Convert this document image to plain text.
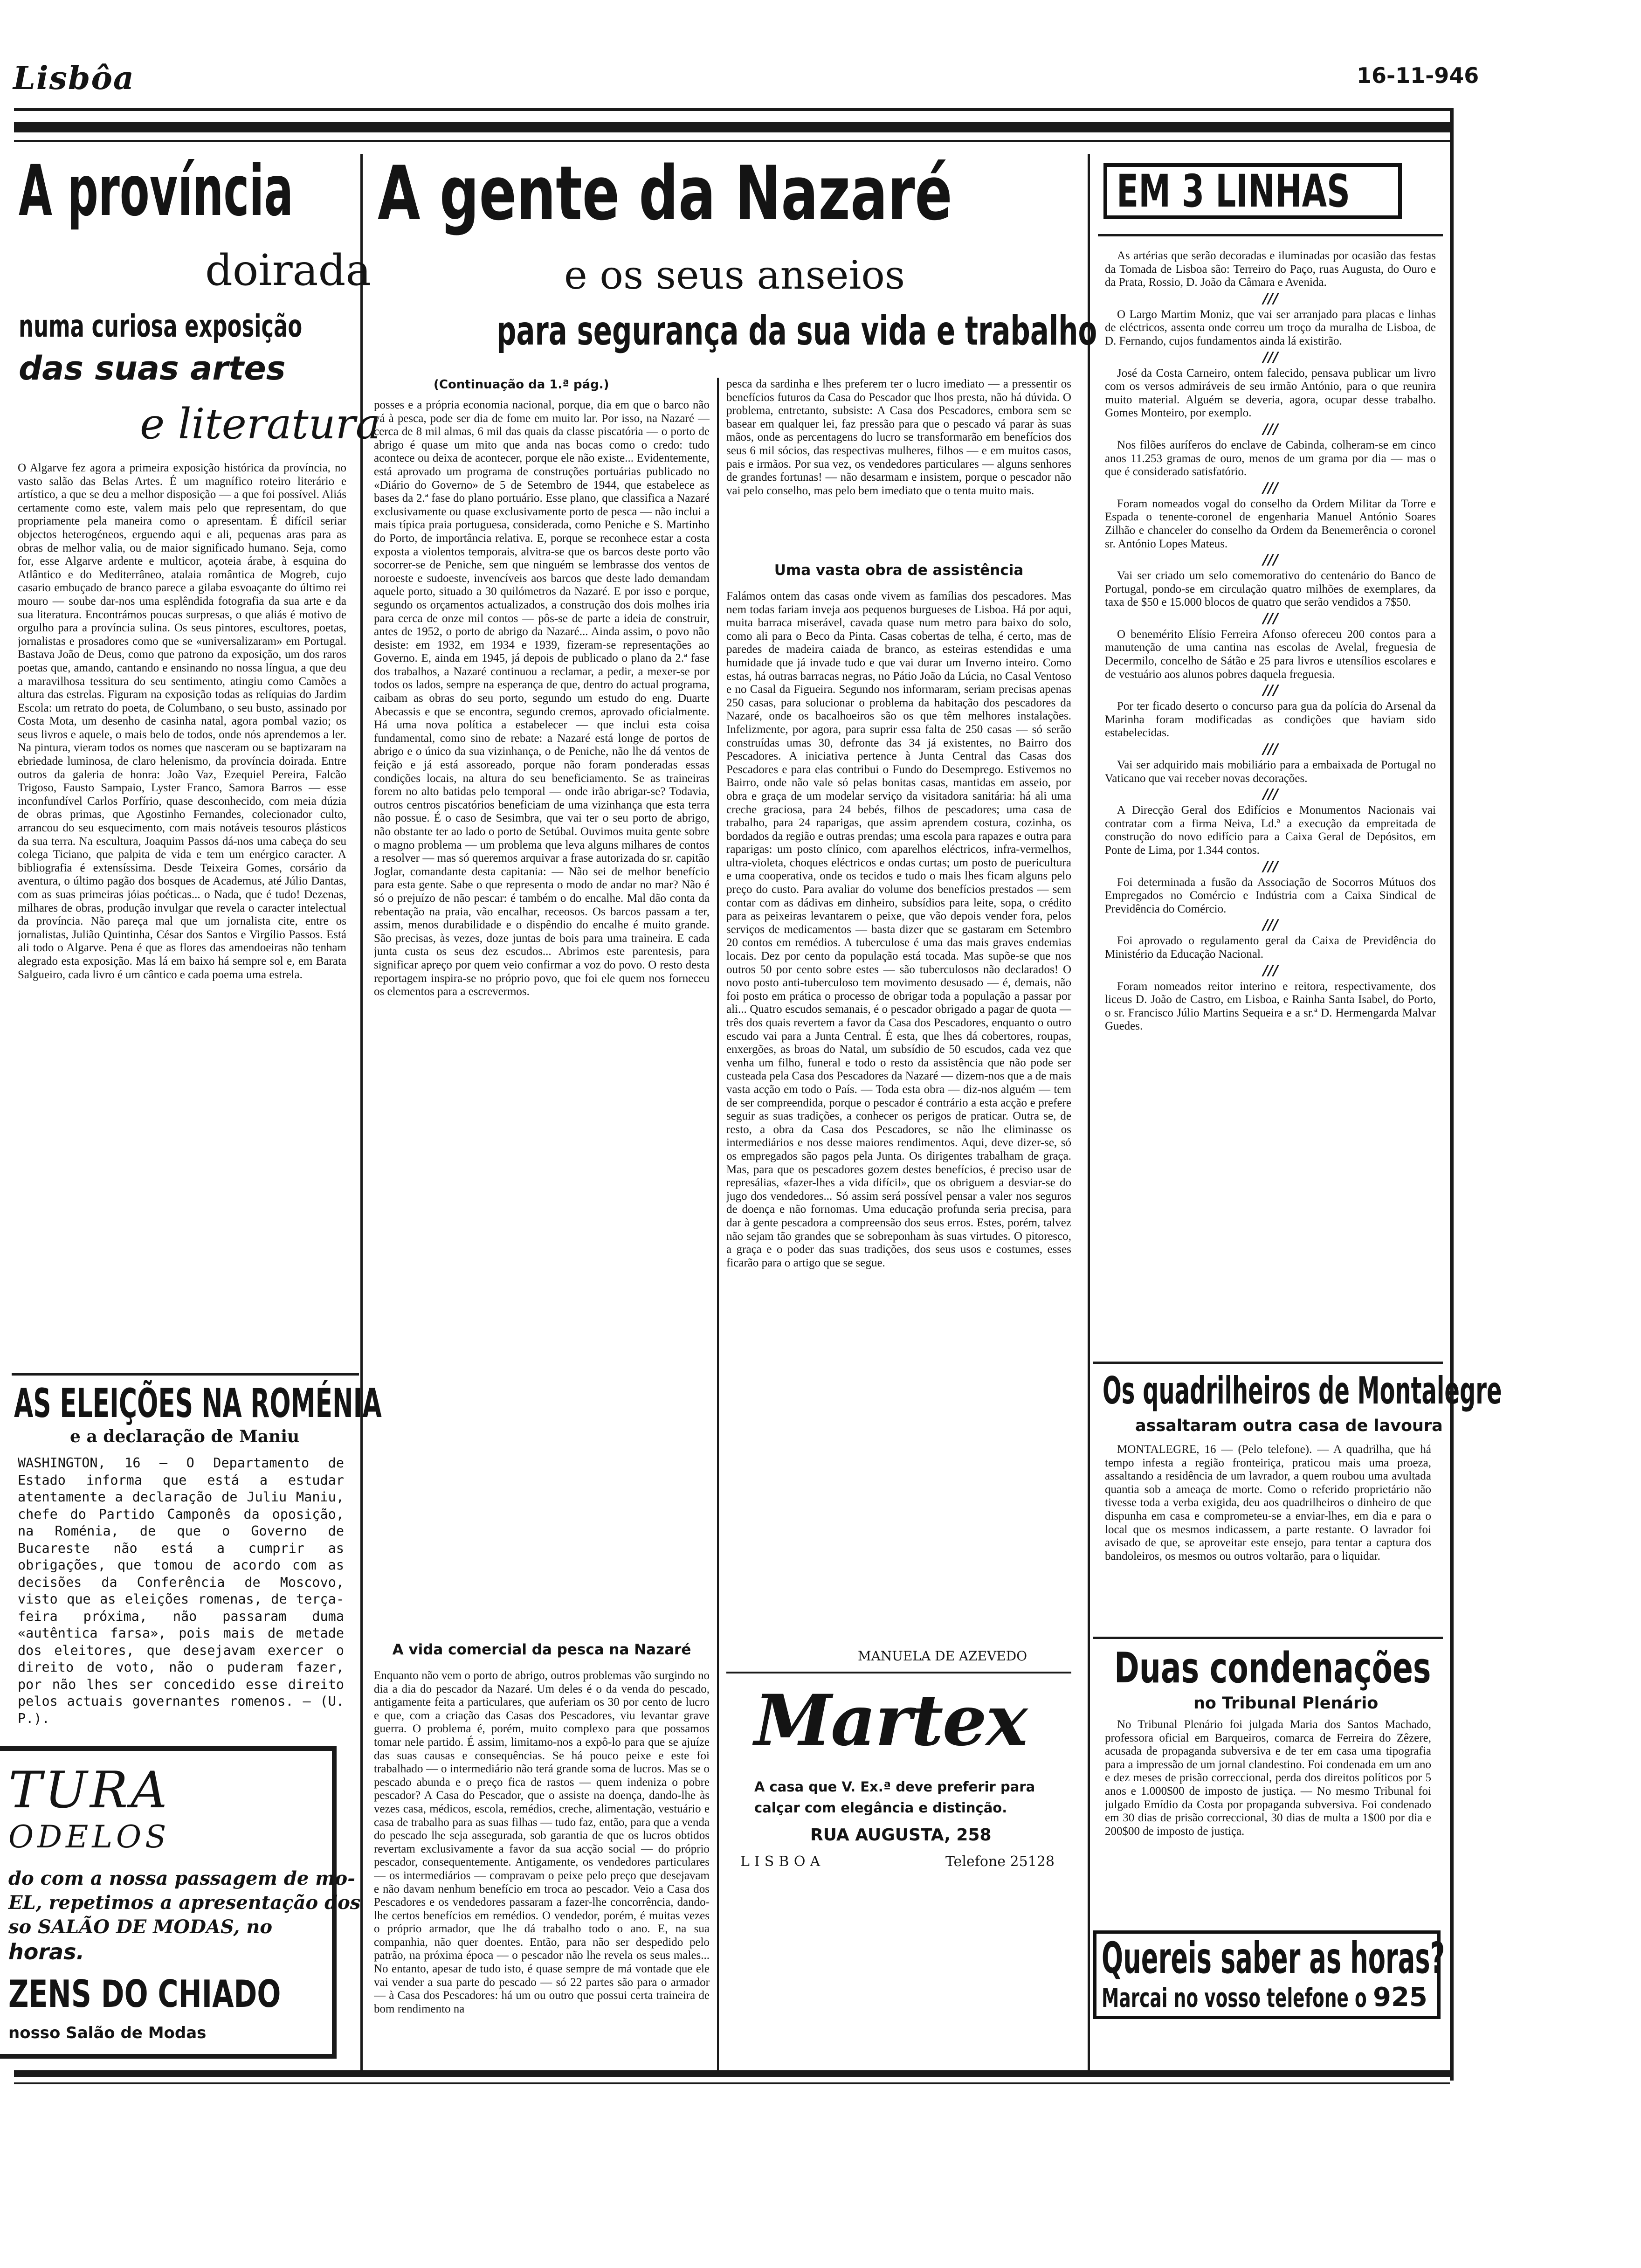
Lisbôa	16-11-946
A província
doirada
numa curiosa exposição
das suas artes
e literatura
O Algarve fez agora a primeira exposição histórica da província, no vasto salão das Belas Artes. É um magnífico roteiro literário e artístico, a que se deu a melhor disposição — a que foi possível. Aliás certamente como este, valem mais pelo que representam, do que propriamente pela maneira como o apresentam. É difícil seriar objectos heterogéneos, erguendo aqui e ali, pequenas aras para as obras de melhor valia, ou de maior significado humano. Seja, como for, esse Algarve ardente e multicor, açoteia árabe, à esquina do Atlântico e do Mediterrâneo, atalaia romântica de Mogreb, cujo casario embuçado de branco parece a gilaba esvoaçante do último rei mouro — soube dar-nos uma esplêndida fotografia da sua arte e da sua literatura. Encontrámos poucas surpresas, o que aliás é motivo de orgulho para a província sulina. Os seus pintores, escultores, poetas, jornalistas e prosadores como que se «universalizaram» em Portugal. Bastava João de Deus, como que patrono da exposição, um dos raros poetas que, amando, cantando e ensinando no nossa língua, a que deu a maravilhosa tessitura do seu sentimento, atingiu como Camões a altura das estrelas. Figuram na exposição todas as relíquias do Jardim Escola: um retrato do poeta, de Columbano, o seu busto, assinado por Costa Mota, um desenho de casinha natal, agora pombal vazio; os seus livros e aquele, o mais belo de todos, onde nós aprendemos a ler. Na pintura, vieram todos os nomes que nasceram ou se baptizaram na ebriedade luminosa, de claro helenismo, da província doirada. Entre outros da galeria de honra: João Vaz, Ezequiel Pereira, Falcão Trigoso, Fausto Sampaio, Lyster Franco, Samora Barros — esse inconfundível Carlos Porfírio, quase desconhecido, com meia dúzia de obras primas, que Agostinho Fernandes, colecionador culto, arrancou do seu esquecimento, com mais notáveis tesouros plásticos da sua terra. Na escultura, Joaquim Passos dá-nos uma cabeça do seu colega Ticiano, que palpita de vida e tem um enérgico caracter. A bibliografia é extensíssima. Desde Teixeira Gomes, corsário da aventura, o último pagão dos bosques de Academus, até Júlio Dantas, com as suas primeiras jóias poéticas... o Nada, que é tudo! Dezenas, milhares de obras, produção invulgar que revela o caracter intelectual da província. Não pareça mal que um jornalista cite, entre os jornalistas, Julião Quintinha, César dos Santos e Virgílio Passos. Está ali todo o Algarve. Pena é que as flores das amendoeiras não tenham alegrado esta exposição. Mas lá em baixo há sempre sol e, em Barata Salgueiro, cada livro é um cântico e cada poema uma estrela.
AS ELEIÇÕES NA ROMÉNIA
e a declaração de Maniu
WASHINGTON, 16 — O Departamento de Estado informa que está a estudar atentamente a declaração de Juliu Maniu, chefe do Partido Camponês da oposição, na Roménia, de que o Governo de Bucareste não está a cumprir as obrigações, que tomou de acordo com as decisões da Conferência de Moscovo, visto que as eleições romenas, de terça-feira próxima, não passaram duma «autêntica farsa», pois mais de metade dos eleitores, que desejavam exercer o direito de voto, não o puderam fazer, por não lhes ser concedido esse direito pelos actuais governantes romenos. — (U. P.).
TURA
ODELOS
do com a nossa passagem de mo-
EL, repetimos a apresentação dos
so SALÃO DE MODAS, no
horas.
ZENS DO CHIADO
nosso Salão de Modas
A gente da Nazaré
e os seus anseios
para segurança da sua vida e trabalho
(Continuação da 1.ª pág.)
posses e a própria economia nacional, porque, dia em que o barco não vá à pesca, pode ser dia de fome em muito lar. Por isso, na Nazaré — cerca de 8 mil almas, 6 mil das quais da classe piscatória — o porto de abrigo é quase um mito que anda nas bocas como o credo: tudo acontece ou deixa de acontecer, porque ele não existe... Evidentemente, está aprovado um programa de construções portuárias publicado no «Diário do Governo» de 5 de Setembro de 1944, que estabelece as bases da 2.ª fase do plano portuário. Esse plano, que classifica a Nazaré exclusivamente ou quase exclusivamente porto de pesca — não inclui a mais típica praia portuguesa, considerada, como Peniche e S. Martinho do Porto, de importância relativa. E, porque se reconhece estar a costa exposta a violentos temporais, alvitra-se que os barcos deste porto vão socorrer-se de Peniche, sem que ninguém se lembrasse dos ventos de noroeste e sudoeste, invencíveis aos barcos que deste lado demandam aquele porto, situado a 30 quilómetros da Nazaré. E por isso e porque, segundo os orçamentos actualizados, a construção dos dois molhes iria para cerca de onze mil contos — pôs-se de parte a ideia de construir, antes de 1952, o porto de abrigo da Nazaré... Ainda assim, o povo não desiste: em 1932, em 1934 e 1939, fizeram-se representações ao Governo. E, ainda em 1945, já depois de publicado o plano da 2.ª fase dos trabalhos, a Nazaré continuou a reclamar, a pedir, a mexer-se por todos os lados, sempre na esperança de que, dentro do actual programa, caibam as obras do seu porto, segundo um estudo do eng. Duarte Abecassis e que se encontra, segundo cremos, aprovado oficialmente. Há uma nova política a estabelecer — que inclui esta coisa fundamental, como sino de rebate: a Nazaré está longe de portos de abrigo e o único da sua vizinhança, o de Peniche, não lhe dá ventos de feição e já está assoreado, porque não foram ponderadas essas condições locais, na altura do seu beneficiamento. Se as traineiras forem no alto batidas pelo temporal — onde irão abrigar-se? Todavia, outros centros piscatórios beneficiam de uma vizinhança que esta terra não possue. É o caso de Sesimbra, que vai ter o seu porto de abrigo, não obstante ter ao lado o porto de Setúbal. Ouvimos muita gente sobre o magno problema — um problema que leva alguns milhares de contos a resolver — mas só queremos arquivar a frase autorizada do sr. capitão Joglar, comandante desta capitania: — Não sei de melhor benefício para esta gente. Sabe o que representa o modo de andar no mar? Não é só o prejuízo de não pescar: é também o do encalhe. Mal dão conta da rebentação na praia, vão encalhar, receosos. Os barcos passam a ter, assim, menos durabilidade e o dispêndio do encalhe é muito grande. São precisas, às vezes, doze juntas de bois para uma traineira. E cada junta custa os seus dez escudos... Abrimos este parentesis, para significar apreço por quem veio confirmar a voz do povo. O resto desta reportagem inspira-se no próprio povo, que foi ele quem nos forneceu os elementos para a escrevermos.
A vida comercial da pesca na Nazaré
Enquanto não vem o porto de abrigo, outros problemas vão surgindo no dia a dia do pescador da Nazaré. Um deles é o da venda do pescado, antigamente feita a particulares, que auferiam os 30 por cento de lucro e que, com a criação das Casas dos Pescadores, viu levantar grave guerra. O problema é, porém, muito complexo para que possamos tomar nele partido. É assim, limitamo-nos a expô-lo para que se ajuíze das suas causas e consequências. Se há pouco peixe e este foi trabalhado — o intermediário não terá grande soma de lucros. Mas se o pescado abunda e o preço fica de rastos — quem indeniza o pobre pescador? A Casa do Pescador, que o assiste na doença, dando-lhe às vezes casa, médicos, escola, remédios, creche, alimentação, vestuário e casa de trabalho para as suas filhas — tudo faz, então, para que a venda do pescado lhe seja assegurada, sob garantia de que os lucros obtidos revertam exclusivamente a favor da sua acção social — do próprio pescador, consequentemente. Antigamente, os vendedores particulares — os intermediários — compravam o peixe pelo preço que desejavam e não davam nenhum benefício em troca ao pescador. Veio a Casa dos Pescadores e os vendedores passaram a fazer-lhe concorrência, dando-lhe certos benefícios em remédios. O vendedor, porém, é muitas vezes o próprio armador, que lhe dá trabalho todo o ano. E, na sua companhia, não quer doentes. Então, para não ser despedido pelo patrão, na próxima época — o pescador não lhe revela os seus males... No entanto, apesar de tudo isto, é quase sempre de má vontade que ele vai vender a sua parte do pescado — só 22 partes são para o armador — à Casa dos Pescadores: há um ou outro que possui certa traineira de bom rendimento na
pesca da sardinha e lhes preferem ter o lucro imediato — a pressentir os benefícios futuros da Casa do Pescador que lhos presta, não há dúvida. O problema, entretanto, subsiste: A Casa dos Pescadores, embora sem se basear em qualquer lei, faz pressão para que o pescado vá parar às suas mãos, onde as percentagens do lucro se transformarão em benefícios dos seus 6 mil sócios, das respectivas mulheres, filhos — e em muitos casos, pais e irmãos. Por sua vez, os vendedores particulares — alguns senhores de grandes fortunas! — não desarmam e insistem, porque o pescador não vai pelo conselho, mas pelo bem imediato que o tenta muito mais.
Uma vasta obra de assistência
Falámos ontem das casas onde vivem as famílias dos pescadores. Mas nem todas fariam inveja aos pequenos burgueses de Lisboa. Há por aqui, muita barraca miserável, cavada quase num metro para baixo do solo, como ali para o Beco da Pinta. Casas cobertas de telha, é certo, mas de paredes de madeira caiada de branco, as esteiras estendidas e uma humidade que já invade tudo e que vai durar um Inverno inteiro. Como estas, há outras barracas negras, no Pátio João da Lúcia, no Casal Ventoso e no Casal da Figueira. Segundo nos informaram, seriam precisas apenas 250 casas, para solucionar o problema da habitação dos pescadores da Nazaré, onde os bacalhoeiros são os que têm melhores instalações. Infelizmente, por agora, para suprir essa falta de 250 casas — só serão construídas umas 30, defronte das 34 já existentes, no Bairro dos Pescadores. A iniciativa pertence à Junta Central das Casas dos Pescadores e para elas contribui o Fundo do Desemprego. Estivemos no Bairro, onde não vale só pelas bonitas casas, mantidas em asseio, por obra e graça de um modelar serviço da visitadora sanitária: há ali uma creche graciosa, para 24 bebés, filhos de pescadores; uma casa de trabalho, para 24 raparigas, que assim aprendem costura, cozinha, os bordados da região e outras prendas; uma escola para rapazes e outra para raparigas: um posto clínico, com aparelhos eléctricos, infra-vermelhos, ultra-violeta, choques eléctricos e ondas curtas; um posto de puericultura e uma cooperativa, onde os tecidos e tudo o mais lhes ficam alguns pelo preço do custo. Para avaliar do volume dos benefícios prestados — sem contar com as dádivas em dinheiro, subsídios para leite, sopa, o crédito para as peixeiras levantarem o peixe, que vão depois vender fora, pelos serviços de medicamentos — basta dizer que se gastaram em Setembro 20 contos em remédios. A tuberculose é uma das mais graves endemias locais. Dez por cento da população está tocada. Mas supõe-se que nos outros 50 por cento sobre estes — são tuberculosos não declarados! O novo posto anti-tuberculoso tem movimento desusado — é, demais, não foi posto em prática o processo de obrigar toda a população a passar por ali... Quatro escudos semanais, é o pescador obrigado a pagar de quota — três dos quais revertem a favor da Casa dos Pescadores, enquanto o outro escudo vai para a Junta Central. É esta, que lhes dá cobertores, roupas, enxergões, as broas do Natal, um subsídio de 50 escudos, cada vez que venha um filho, funeral e todo o resto da assistência que não pode ser custeada pela Casa dos Pescadores da Nazaré — dizem-nos que a de mais vasta acção em todo o País. — Toda esta obra — diz-nos alguém — tem de ser compreendida, porque o pescador é contrário a esta acção e prefere seguir as suas tradições, a conhecer os perigos de praticar. Outra se, de resto, a obra da Casa dos Pescadores, se não lhe eliminasse os intermediários e nos desse maiores rendimentos. Aqui, deve dizer-se, só os empregados são pagos pela Junta. Os dirigentes trabalham de graça. Mas, para que os pescadores gozem destes benefícios, é preciso usar de represálias, «fazer-lhes a vida difícil», que os obriguem a desviar-se do jugo dos vendedores... Só assim será possível pensar a valer nos seguros de doença e não fornomas. Uma educação profunda seria precisa, para dar à gente pescadora a compreensão dos seus erros. Estes, porém, talvez não sejam tão grandes que se sobreponham às suas virtudes. O pitoresco, a graça e o poder das suas tradições, dos seus usos e costumes, esses ficarão para o artigo que se segue.
MANUELA DE AZEVEDO
Martex
A casa que V. Ex.ª deve preferir para
calçar com elegância e distinção.
RUA AUGUSTA, 258
LISBOA	Telefone 25128
EM 3 LINHAS
As artérias que serão decoradas e iluminadas por ocasião das festas da Tomada de Lisboa são: Terreiro do Paço, ruas Augusta, do Ouro e da Prata, Rossio, D. João da Câmara e Avenida.
///
O Largo Martim Moniz, que vai ser arranjado para placas e linhas de eléctricos, assenta onde correu um troço da muralha de Lisboa, de D. Fernando, cujos fundamentos ainda lá existirão.
///
José da Costa Carneiro, ontem falecido, pensava publicar um livro com os versos admiráveis de seu irmão António, para o que reunira muito material. Alguém se deveria, agora, ocupar desse trabalho. Gomes Monteiro, por exemplo.
///
Nos filões auríferos do enclave de Cabinda, colheram-se em cinco anos 11.253 gramas de ouro, menos de um grama por dia — mas o que é considerado satisfatório.
///
Foram nomeados vogal do conselho da Ordem Militar da Torre e Espada o tenente-coronel de engenharia Manuel António Soares Zilhão e chanceler do conselho da Ordem da Benemerência o coronel sr. António Lopes Mateus.
///
Vai ser criado um selo comemorativo do centenário do Banco de Portugal, pondo-se em circulação quatro milhões de exemplares, da taxa de $50 e 15.000 blocos de quatro que serão vendidos a 7$50.
///
O benemérito Elísio Ferreira Afonso ofereceu 200 contos para a manutenção de uma cantina nas escolas de Avelal, freguesia de Decermilo, concelho de Sátão e 25 para livros e utensílios escolares e de vestuário aos alunos pobres daquela freguesia.
///
Por ter ficado deserto o concurso para gua da polícia do Arsenal da Marinha foram modificadas as condições que haviam sido estabelecidas.
///
Vai ser adquirido mais mobiliário para a embaixada de Portugal no Vaticano que vai receber novas decorações.
///
A Direcção Geral dos Edifícios e Monumentos Nacionais vai contratar com a firma Neiva, Ld.ª a execução da empreitada de construção do novo edifício para a Caixa Geral de Depósitos, em Ponte de Lima, por 1.344 contos.
///
Foi determinada a fusão da Associação de Socorros Mútuos dos Empregados no Comércio e Indústria com a Caixa Sindical de Previdência do Comércio.
///
Foi aprovado o regulamento geral da Caixa de Previdência do Ministério da Educação Nacional.
///
Foram nomeados reitor interino e reitora, respectivamente, dos liceus D. João de Castro, em Lisboa, e Rainha Santa Isabel, do Porto, o sr. Francisco Júlio Martins Sequeira e a sr.ª D. Hermengarda Malvar Guedes.
Os quadrilheiros de Montalegre
assaltaram outra casa de lavoura
MONTALEGRE, 16 — (Pelo telefone). — A quadrilha, que há tempo infesta a região fronteiriça, praticou mais uma proeza, assaltando a residência de um lavrador, a quem roubou uma avultada quantia sob a ameaça de morte. Como o referido proprietário não tivesse toda a verba exigida, deu aos quadrilheiros o dinheiro de que dispunha em casa e comprometeu-se a enviar-lhes, em dia e para o local que os mesmos indicassem, a parte restante. O lavrador foi avisado de que, se aproveitar este ensejo, para tentar a captura dos bandoleiros, os mesmos ou outros voltarão, para o liquidar.
Duas condenações
no Tribunal Plenário
No Tribunal Plenário foi julgada Maria dos Santos Machado, professora oficial em Barqueiros, comarca de Ferreira do Zêzere, acusada de propaganda subversiva e de ter em casa uma tipografia para a impressão de um jornal clandestino. Foi condenada em um ano e dez meses de prisão correccional, perda dos direitos políticos por 5 anos e 1.000$00 de imposto de justiça. — No mesmo Tribunal foi julgado Emídio da Costa por propaganda subversiva. Foi condenado em 30 dias de prisão correccional, 30 dias de multa a 1$00 por dia e 200$00 de imposto de justiça.
Quereis saber as horas?
Marcai no vosso telefone o 925
